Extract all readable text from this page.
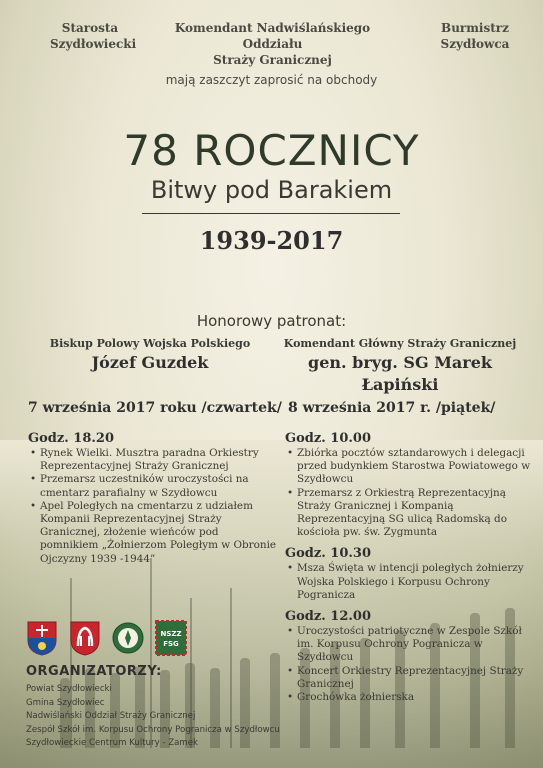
Starosta
Szydłowiecki
Komendant Nadwiślańskiego Oddziału
Straży Granicznej
Burmistrz
Szydłowca
mają zaszczyt zaprosić na obchody
78 ROCZNICY
Bitwy pod Barakiem
1939-2017
Honorowy patronat:
Biskup Polowy Wojska Polskiego
Józef Guzdek
Komendant Główny Straży Granicznej
gen. bryg. SG Marek Łapiński
7 września 2017 roku /czwartek/ 8 września 2017 r. /piątek/
Godz. 18.20
• Rynek Wielki. Musztra paradna Orkiestry Reprezentacyjnej Straży Granicznej
• Przemarsz uczestników uroczystości na cmentarz parafialny w Szydłowcu
• Apel Poległych na cmentarzu z udziałem Kompanii Reprezentacyjnej Straży Granicznej, złożenie wieńców pod pomnikiem „Żołnierzom Poległym w Obronie Ojczyzny 1939 -1944”
Godz. 10.00
• Zbiórka pocztów sztandarowych i delegacji przed budynkiem Starostwa Powiatowego w Szydłowcu
• Przemarsz z Orkiestrą Reprezentacyjną Straży Granicznej i Kompanią Reprezentacyjną SG ulicą Radomską do kościoła pw. św. Zygmunta
Godz. 10.30
• Msza Święta w intencji poległych żołnierzy Wojska Polskiego i Korpusu Ochrony Pogranicza
Godz. 12.00
• Uroczystości patriotyczne w Zespole Szkół im. Korpusu Ochrony Pogranicza w Szydłowcu
• Koncert Orkiestry Reprezentacyjnej Straży Granicznej
• Grochówka żołnierska
NSZZ
FSG
ORGANIZATORZY:
Powiat Szydłowiecki
Gmina Szydłowiec
Nadwiślański Oddział Straży Granicznej
Zespół Szkół im. Korpusu Ochrony Pogranicza w Szydłowcu
Szydłowieckie Centrum Kultury - Zamek
